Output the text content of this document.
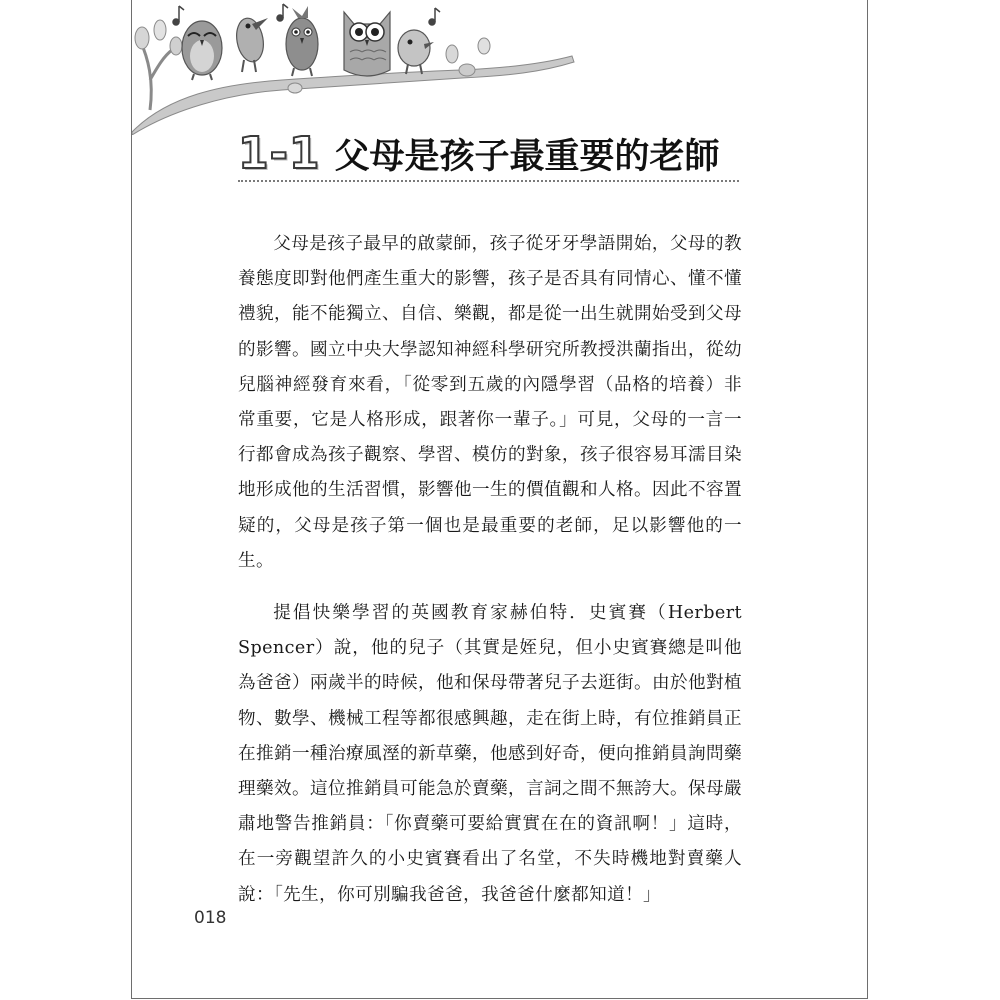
1-1 父母是孩子最重要的老師

父母是孩子最早的啟蒙師，孩子從牙牙學語開始，父母的教養態度即對他們產生重大的影響，孩子是否具有同情心、懂不懂禮貌，能不能獨立、自信、樂觀，都是從一出生就開始受到父母的影響。國立中央大學認知神經科學研究所教授洪蘭指出，從幼兒腦神經發育來看，「從零到五歲的內隱學習（品格的培養）非常重要，它是人格形成，跟著你一輩子。」可見，父母的一言一行都會成為孩子觀察、學習、模仿的對象，孩子很容易耳濡目染地形成他的生活習慣，影響他一生的價值觀和人格。因此不容置疑的，父母是孩子第一個也是最重要的老師，足以影響他的一生。

提倡快樂學習的英國教育家赫伯特．史賓賽（Herbert Spencer）說，他的兒子（其實是姪兒，但小史賓賽總是叫他為爸爸）兩歲半的時候，他和保母帶著兒子去逛街。由於他對植物、數學、機械工程等都很感興趣，走在街上時，有位推銷員正在推銷一種治療風溼的新草藥，他感到好奇，便向推銷員詢問藥理藥效。這位推銷員可能急於賣藥，言詞之間不無誇大。保母嚴肅地警告推銷員：「你賣藥可要給實實在在的資訊啊！」這時，在一旁觀望許久的小史賓賽看出了名堂，不失時機地對賣藥人說：「先生，你可別騙我爸爸，我爸爸什麼都知道！」

018
